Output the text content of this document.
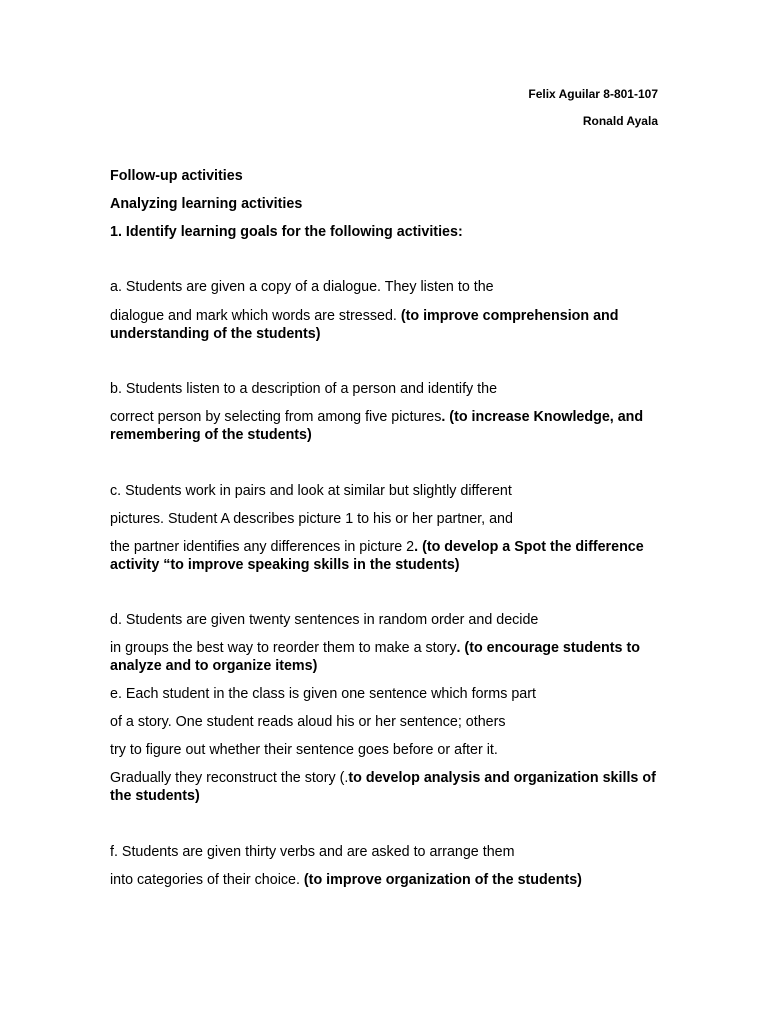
Felix Aguilar 8-801-107
Ronald Ayala
Follow-up activities
Analyzing learning activities
1. Identify learning goals for the following activities:
a. Students are given a copy of a dialogue. They listen to the
dialogue and mark which words are stressed. (to improve comprehension and understanding of the students)
b. Students listen to a description of a person and identify the
correct person by selecting from among five pictures. (to increase Knowledge, and remembering of the students)
c. Students work in pairs and look at similar but slightly different
pictures. Student A describes picture 1 to his or her partner, and
the partner identifies any differences in picture 2. (to develop a Spot the difference activity “to improve speaking skills in the students)
d. Students are given twenty sentences in random order and decide
in groups the best way to reorder them to make a story. (to encourage students to analyze and to organize items)
e. Each student in the class is given one sentence which forms part
of a story. One student reads aloud his or her sentence; others
try to figure out whether their sentence goes before or after it.
Gradually they reconstruct the story (.to develop analysis and organization skills of the students)
f. Students are given thirty verbs and are asked to arrange them
into categories of their choice. (to improve organization of the students)
